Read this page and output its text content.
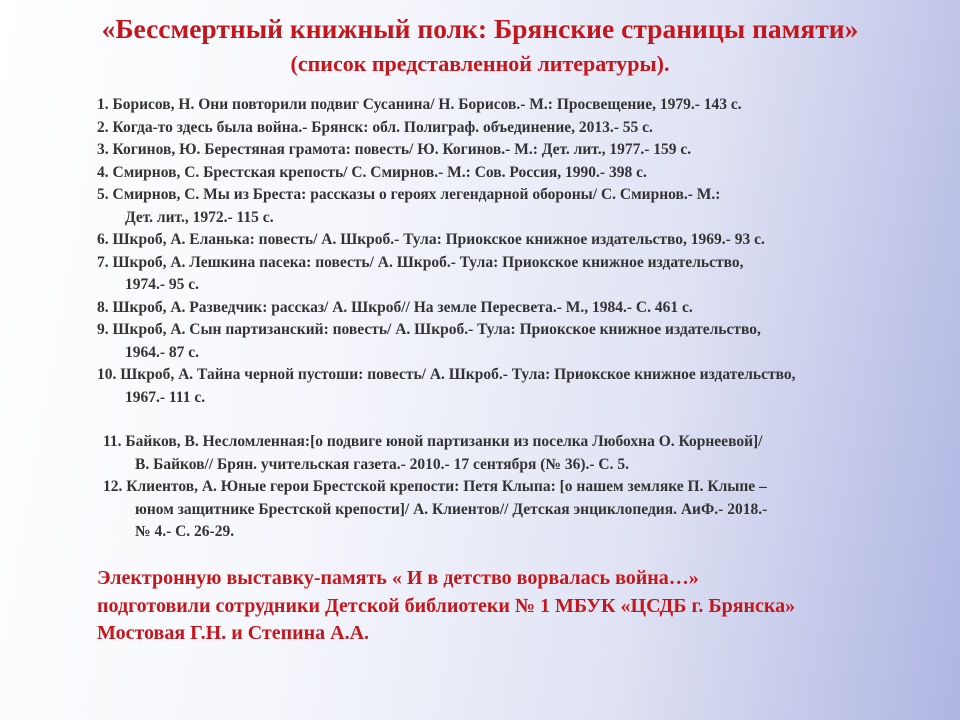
«Бессмертный книжный полк: Брянские страницы памяти»
(список представленной литературы).
1. Борисов, Н. Они повторили подвиг Сусанина/ Н. Борисов.- М.: Просвещение, 1979.- 143 с.
2. Когда-то здесь была война.- Брянск: обл. Полиграф. объединение, 2013.- 55 с.
3. Когинов, Ю. Берестяная грамота: повесть/ Ю. Когинов.- М.: Дет. лит., 1977.- 159 с.
4. Смирнов, С. Брестская крепость/ С. Смирнов.- М.: Сов. Россия, 1990.- 398 с.
5. Смирнов, С. Мы из Бреста: рассказы о героях легендарной обороны/ С. Смирнов.- М.:
Дет. лит., 1972.- 115 с.
6. Шкроб, А. Еланька: повесть/ А. Шкроб.- Тула: Приокское книжное издательство, 1969.- 93 с.
7. Шкроб, А. Лешкина пасека: повесть/ А. Шкроб.- Тула: Приокское книжное издательство,
1974.- 95 с.
8. Шкроб, А. Разведчик: рассказ/ А. Шкроб// На земле Пересвета.- М., 1984.- С. 461 с.
9. Шкроб, А. Сын партизанский: повесть/ А. Шкроб.- Тула: Приокское книжное издательство,
1964.- 87 с.
10. Шкроб, А. Тайна черной пустоши: повесть/ А. Шкроб.- Тула: Приокское книжное издательство,
1967.- 111 с.
11. Байков, В. Несломленная:[о подвиге юной партизанки из поселка Любохна О. Корнеевой]/
В. Байков// Брян. учительская газета.- 2010.- 17 сентября (№ 36).- С. 5.
12. Клиентов, А. Юные герои Брестской крепости: Петя Клыпа: [о нашем земляке П. Клыпе –
юном защитнике Брестской крепости]/ А. Клиентов// Детская энциклопедия. АиФ.- 2018.-
№ 4.- С. 26-29.
Электронную выставку-память « И в детство ворвалась война…»
подготовили сотрудники Детской библиотеки № 1 МБУК «ЦСДБ г. Брянска»
Мостовая Г.Н. и Степина А.А.
